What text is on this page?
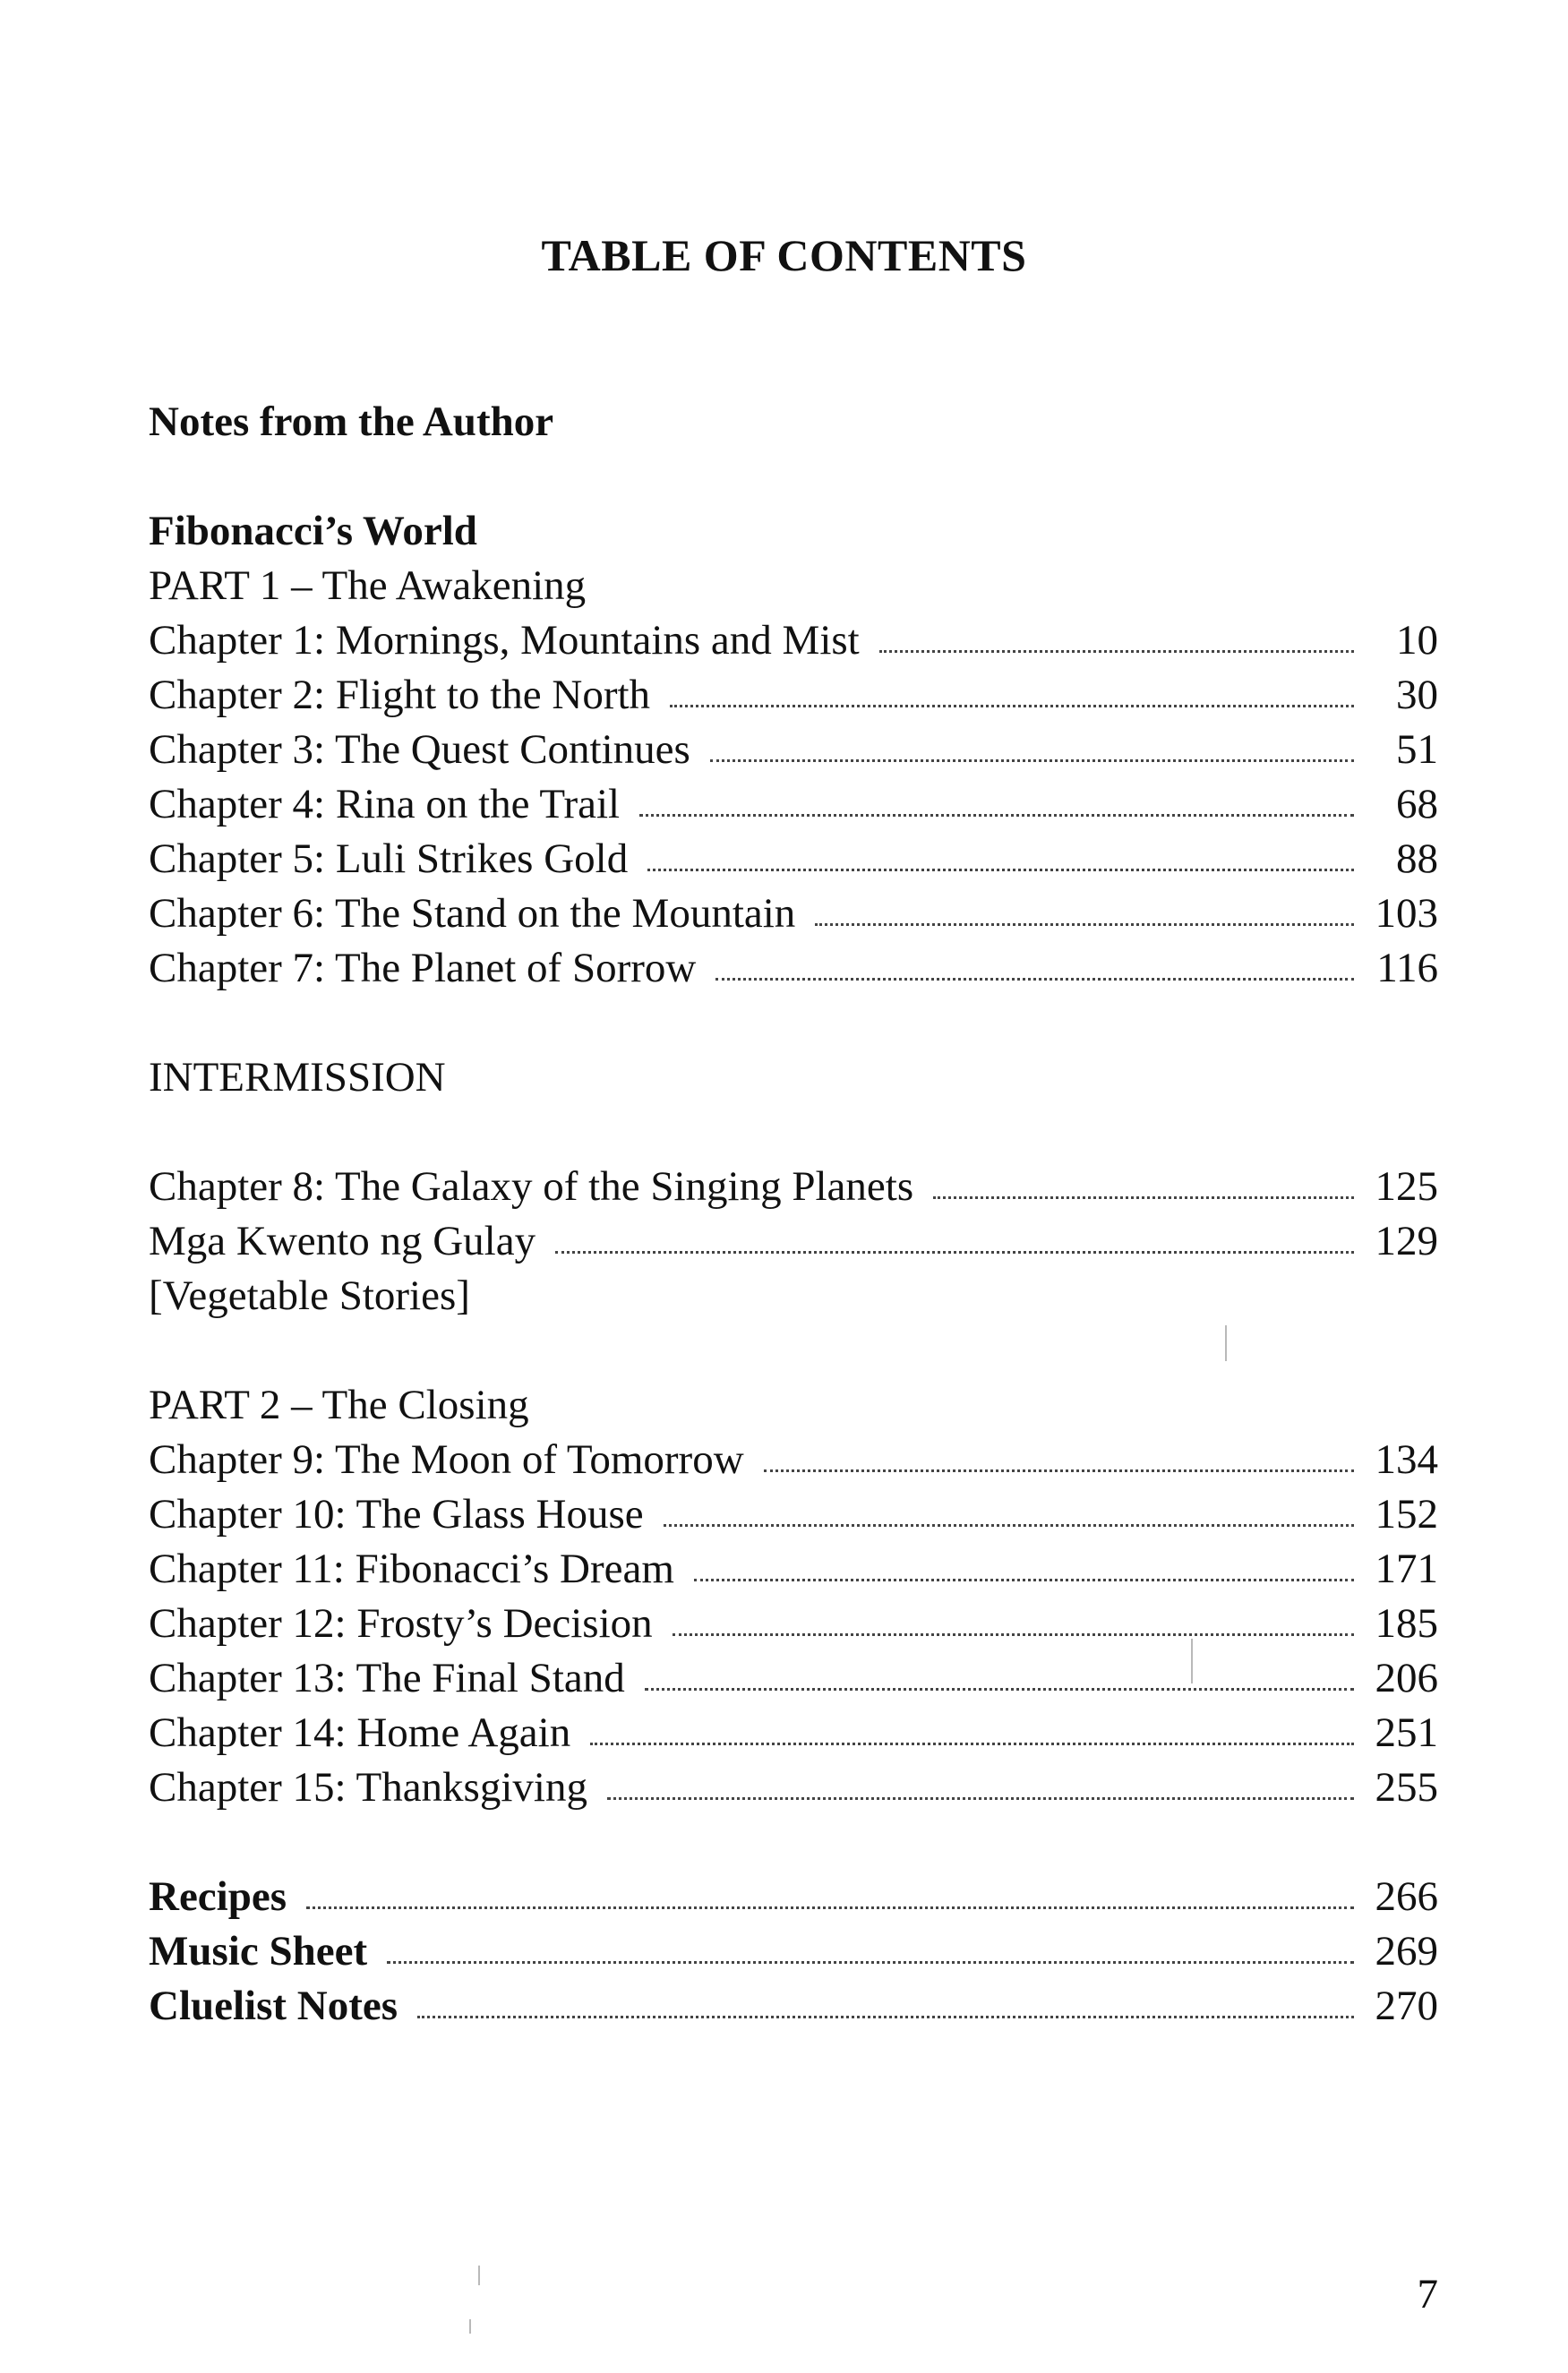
TABLE OF CONTENTS
Notes from the Author
Fibonacci’s World
PART 1 – The Awakening
Chapter 1: Mornings, Mountains and Mist	10
Chapter 2: Flight to the North	30
Chapter 3: The Quest Continues	51
Chapter 4: Rina on the Trail	68
Chapter 5: Luli Strikes Gold	88
Chapter 6: The Stand on the Mountain	103
Chapter 7: The Planet of Sorrow	116
INTERMISSION
Chapter 8: The Galaxy of the Singing Planets	125
Mga Kwento ng Gulay	129
[Vegetable Stories]
PART 2 – The Closing
Chapter 9: The Moon of Tomorrow	134
Chapter 10: The Glass House	152
Chapter 11: Fibonacci’s Dream	171
Chapter 12: Frosty’s Decision	185
Chapter 13: The Final Stand	206
Chapter 14: Home Again	251
Chapter 15: Thanksgiving	255
Recipes	266
Music Sheet	269
Cluelist Notes	270
7
